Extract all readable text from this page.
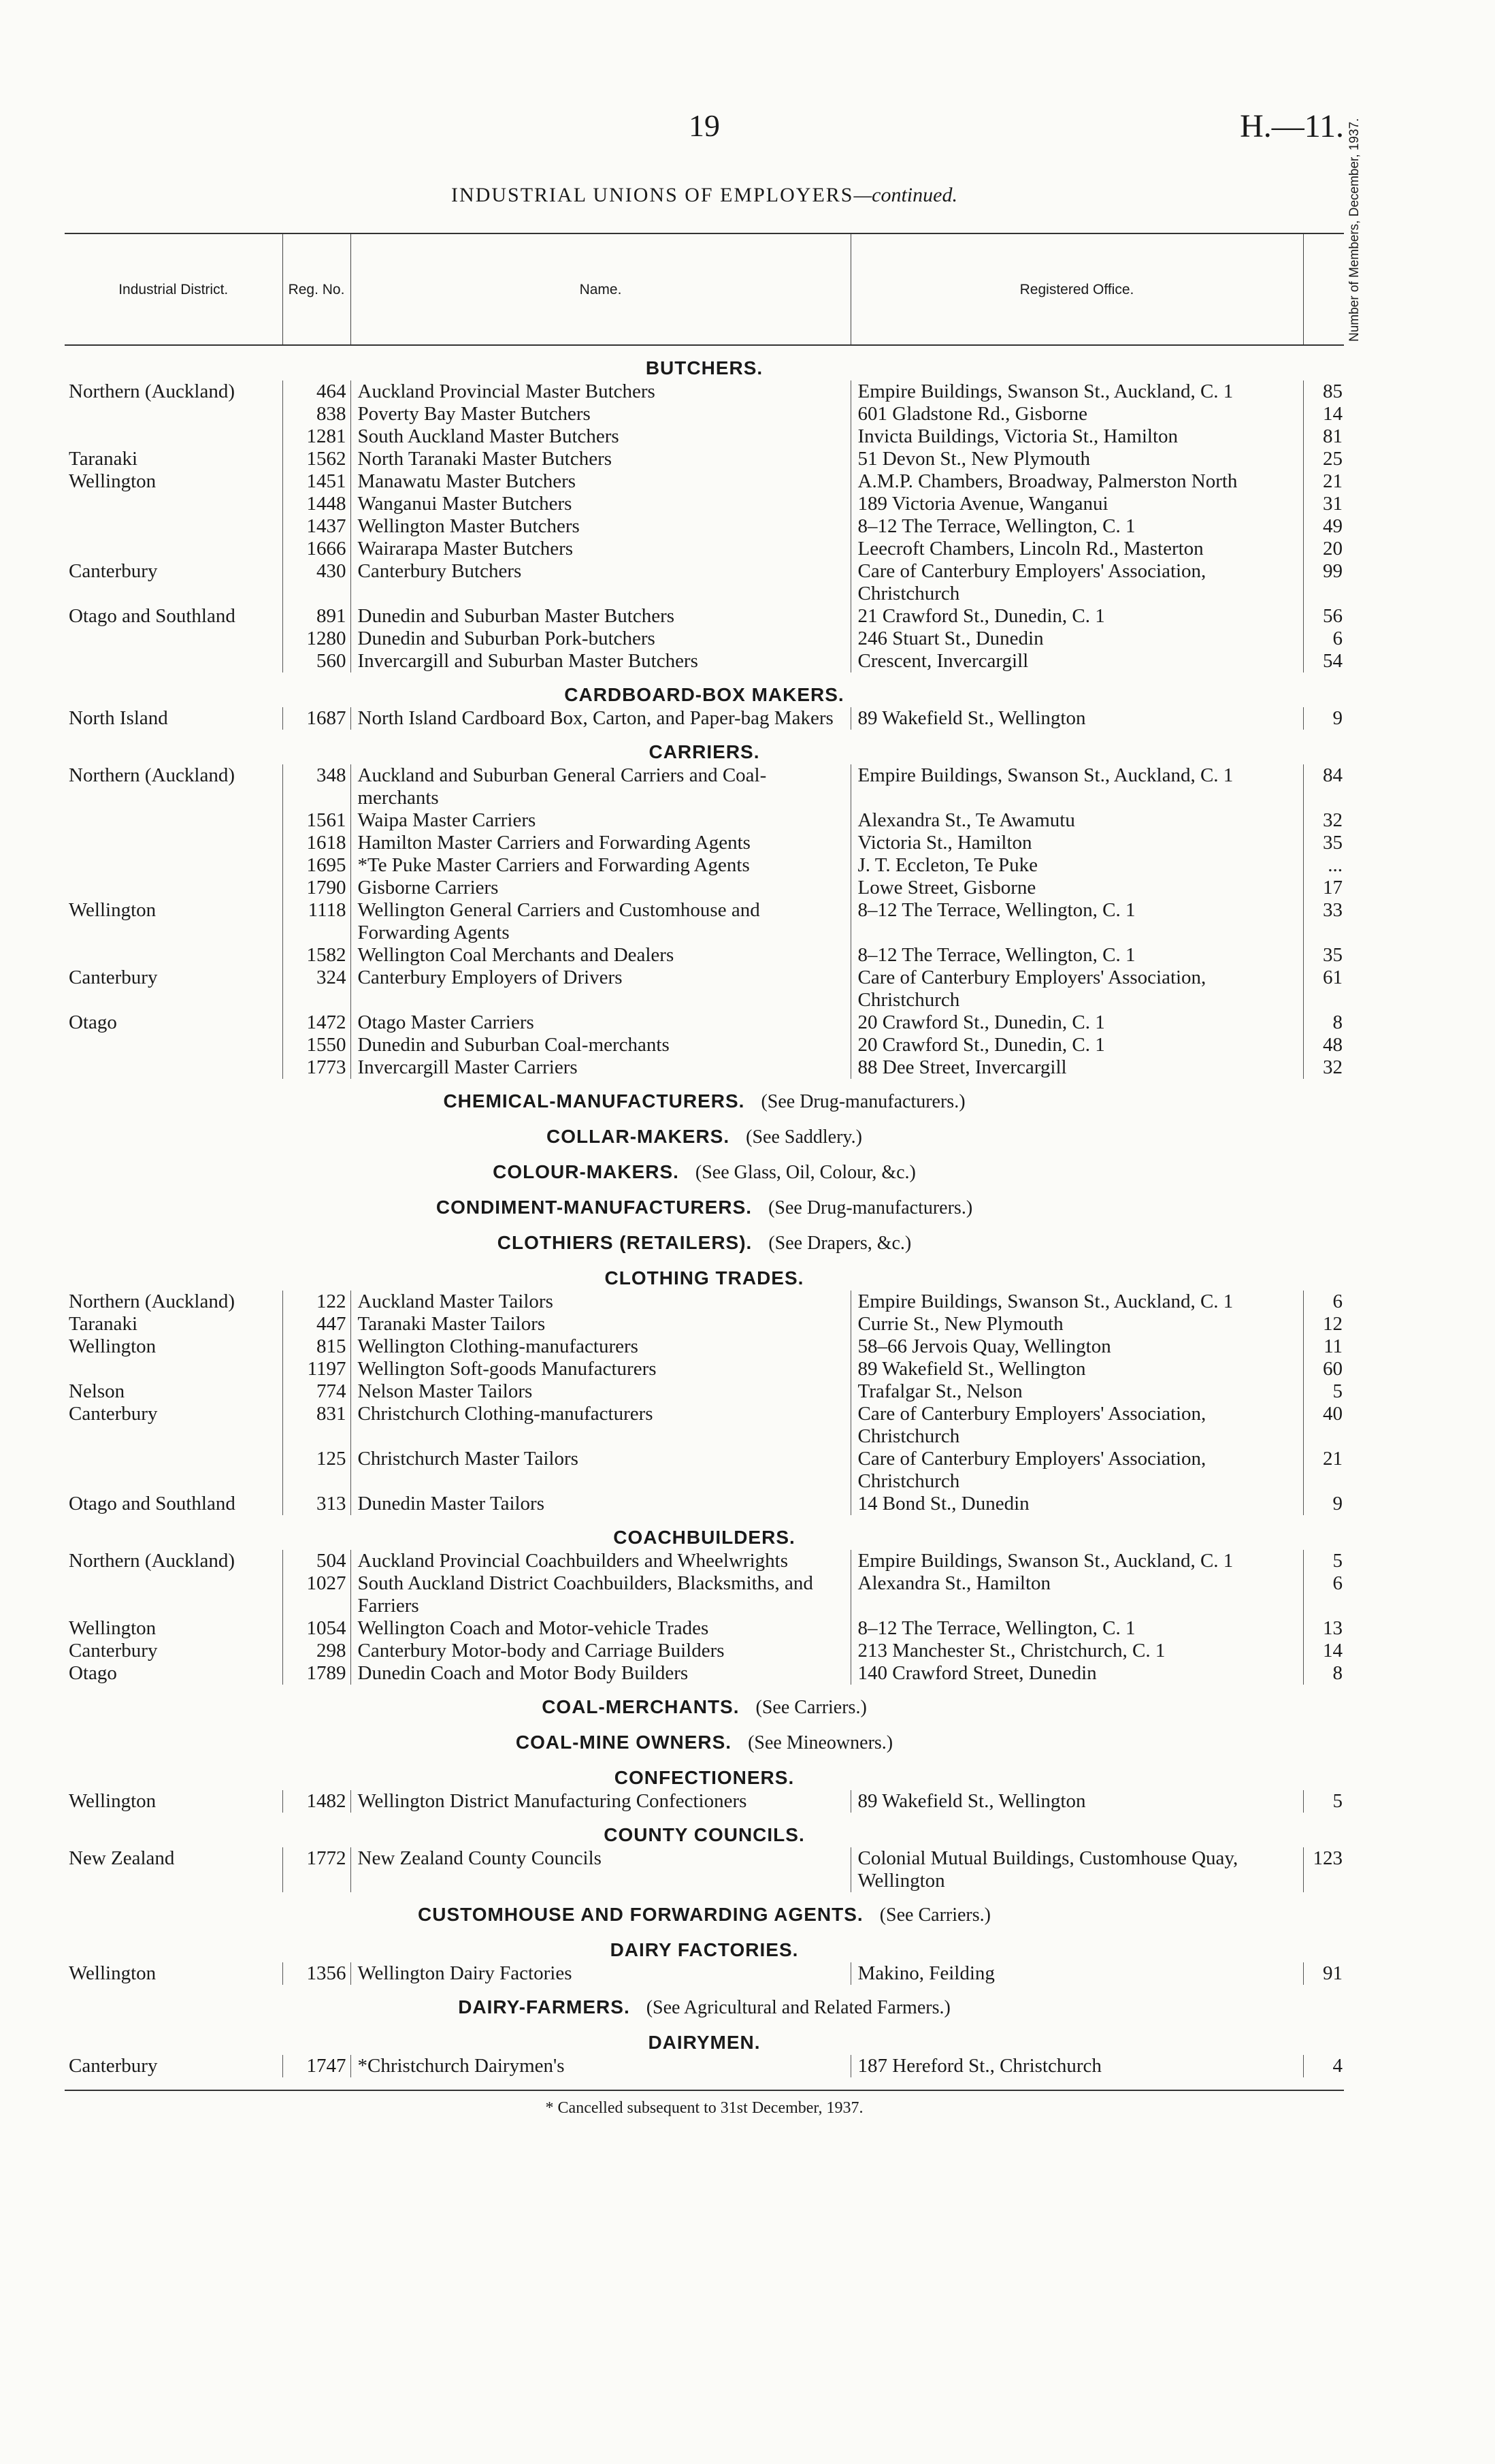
19	H.—11.
INDUSTRIAL UNIONS OF EMPLOYERS—continued.
Industrial District.	Reg. No.	Name.	Registered Office.	Number of Members, December, 1937.
BUTCHERS.				
Northern (Auckland)	464	Auckland Provincial Master Butchers	Empire Buildings, Swanson St., Auckland, C. 1	85
	838	Poverty Bay Master Butchers	601 Gladstone Rd., Gisborne	14
	1281	South Auckland Master Butchers	Invicta Buildings, Victoria St., Hamilton	81
Taranaki	1562	North Taranaki Master Butchers	51 Devon St., New Plymouth	25
Wellington	1451	Manawatu Master Butchers	A.M.P. Chambers, Broadway, Palmerston North	21
	1448	Wanganui Master Butchers	189 Victoria Avenue, Wanganui	31
	1437	Wellington Master Butchers	8–12 The Terrace, Wellington, C. 1	49
	1666	Wairarapa Master Butchers	Leecroft Chambers, Lincoln Rd., Masterton	20
Canterbury	430	Canterbury Butchers	Care of Canterbury Employers' Association, Christchurch	99
Otago and Southland	891	Dunedin and Suburban Master Butchers	21 Crawford St., Dunedin, C. 1	56
	1280	Dunedin and Suburban Pork-butchers	246 Stuart St., Dunedin	6
	560	Invercargill and Suburban Master Butchers	Crescent, Invercargill	54
CARDBOARD-BOX MAKERS.				
North Island	1687	North Island Cardboard Box, Carton, and Paper-bag Makers	89 Wakefield St., Wellington	9
CARRIERS.				
Northern (Auckland)	348	Auckland and Suburban General Carriers and Coal-merchants	Empire Buildings, Swanson St., Auckland, C. 1	84
	1561	Waipa Master Carriers	Alexandra St., Te Awamutu	32
	1618	Hamilton Master Carriers and Forwarding Agents	Victoria St., Hamilton	35
	1695	*Te Puke Master Carriers and Forwarding Agents	J. T. Eccleton, Te Puke	...
	1790	Gisborne Carriers	Lowe Street, Gisborne	17
Wellington	1118	Wellington General Carriers and Customhouse and Forwarding Agents	8–12 The Terrace, Wellington, C. 1	33
	1582	Wellington Coal Merchants and Dealers	8–12 The Terrace, Wellington, C. 1	35
Canterbury	324	Canterbury Employers of Drivers	Care of Canterbury Employers' Association, Christchurch	61
Otago	1472	Otago Master Carriers	20 Crawford St., Dunedin, C. 1	8
	1550	Dunedin and Suburban Coal-merchants	20 Crawford St., Dunedin, C. 1	48
	1773	Invercargill Master Carriers	88 Dee Street, Invercargill	32
CHEMICAL-MANUFACTURERS. (See Drug-manufacturers.)				
COLLAR-MAKERS. (See Saddlery.)				
COLOUR-MAKERS. (See Glass, Oil, Colour, &c.)				
CONDIMENT-MANUFACTURERS. (See Drug-manufacturers.)				
CLOTHIERS (RETAILERS). (See Drapers, &c.)				
CLOTHING TRADES.				
Northern (Auckland)	122	Auckland Master Tailors	Empire Buildings, Swanson St., Auckland, C. 1	6
Taranaki	447	Taranaki Master Tailors	Currie St., New Plymouth	12
Wellington	815	Wellington Clothing-manufacturers	58–66 Jervois Quay, Wellington	11
	1197	Wellington Soft-goods Manufacturers	89 Wakefield St., Wellington	60
Nelson	774	Nelson Master Tailors	Trafalgar St., Nelson	5
Canterbury	831	Christchurch Clothing-manufacturers	Care of Canterbury Employers' Association, Christchurch	40
	125	Christchurch Master Tailors	Care of Canterbury Employers' Association, Christchurch	21
Otago and Southland	313	Dunedin Master Tailors	14 Bond St., Dunedin	9
COACHBUILDERS.				
Northern (Auckland)	504	Auckland Provincial Coachbuilders and Wheelwrights	Empire Buildings, Swanson St., Auckland, C. 1	5
	1027	South Auckland District Coachbuilders, Blacksmiths, and Farriers	Alexandra St., Hamilton	6
Wellington	1054	Wellington Coach and Motor-vehicle Trades	8–12 The Terrace, Wellington, C. 1	13
Canterbury	298	Canterbury Motor-body and Carriage Builders	213 Manchester St., Christchurch, C. 1	14
Otago	1789	Dunedin Coach and Motor Body Builders	140 Crawford Street, Dunedin	8
COAL-MERCHANTS. (See Carriers.)				
COAL-MINE OWNERS. (See Mineowners.)				
CONFECTIONERS.				
Wellington	1482	Wellington District Manufacturing Confectioners	89 Wakefield St., Wellington	5
COUNTY COUNCILS.				
New Zealand	1772	New Zealand County Councils	Colonial Mutual Buildings, Customhouse Quay, Wellington	123
CUSTOMHOUSE AND FORWARDING AGENTS. (See Carriers.)				
DAIRY FACTORIES.				
Wellington	1356	Wellington Dairy Factories	Makino, Feilding	91
DAIRY-FARMERS. (See Agricultural and Related Farmers.)				
DAIRYMEN.				
Canterbury	1747	*Christchurch Dairymen's	187 Hereford St., Christchurch	4
* Cancelled subsequent to 31st December, 1937.
